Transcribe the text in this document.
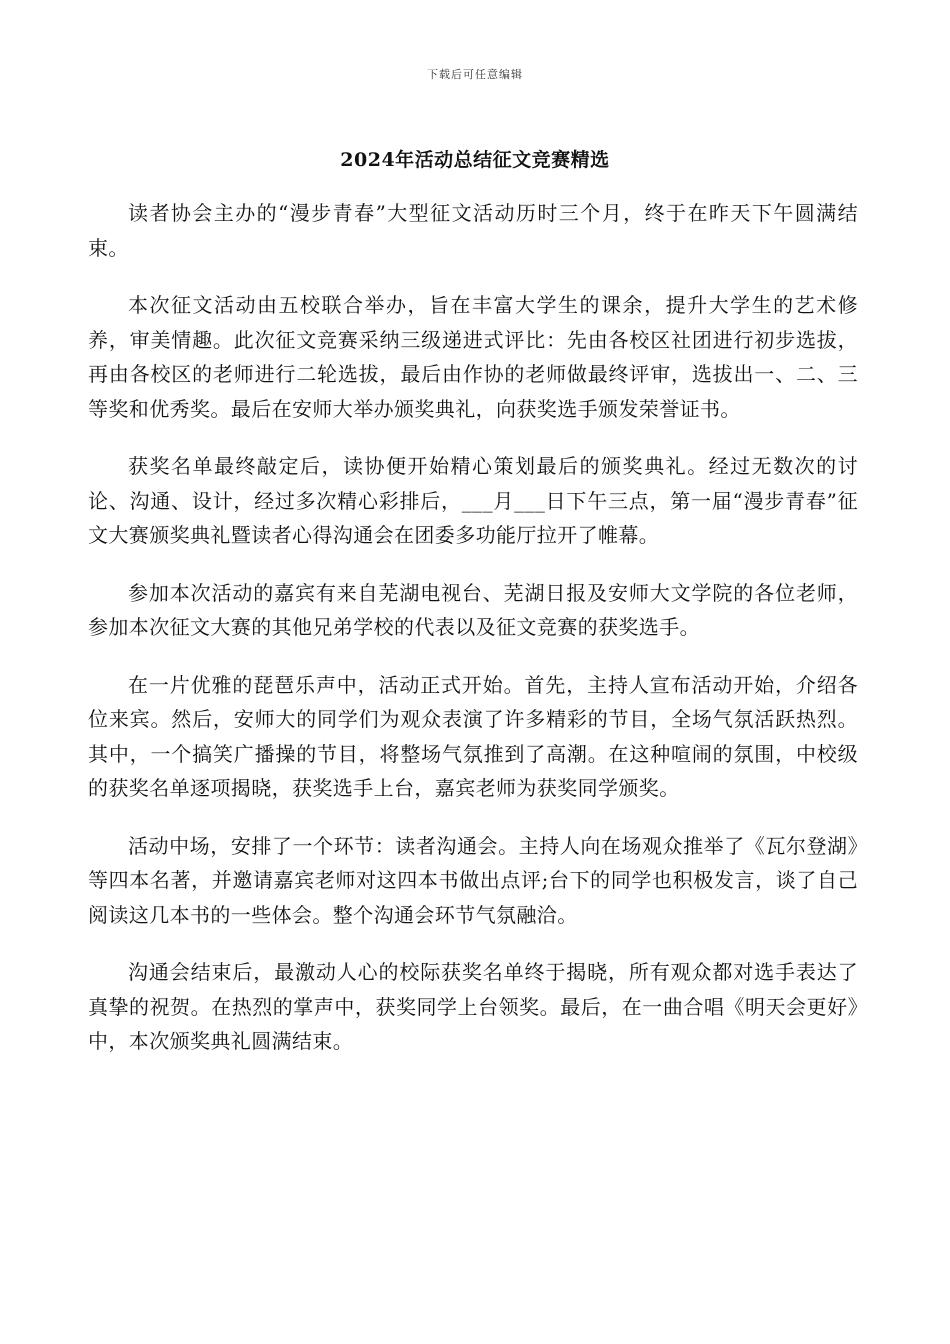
下载后可任意编辑
2024年活动总结征文竞赛精选

读者协会主办的“漫步青春”大型征文活动历时三个月，终于在昨天下午圆满结束。

本次征文活动由五校联合举办，旨在丰富大学生的课余，提升大学生的艺术修养，审美情趣。此次征文竞赛采纳三级递进式评比：先由各校区社团进行初步选拔，再由各校区的老师进行二轮选拔，最后由作协的老师做最终评审，选拔出一、二、三等奖和优秀奖。最后在安师大举办颁奖典礼，向获奖选手颁发荣誉证书。

获奖名单最终敲定后，读协便开始精心策划最后的颁奖典礼。经过无数次的讨论、沟通、设计，经过多次精心彩排后，___月___日下午三点，第一届“漫步青春”征文大赛颁奖典礼暨读者心得沟通会在团委多功能厅拉开了帷幕。

参加本次活动的嘉宾有来自芜湖电视台、芜湖日报及安师大文学院的各位老师，参加本次征文大赛的其他兄弟学校的代表以及征文竞赛的获奖选手。

在一片优雅的琵琶乐声中，活动正式开始。首先，主持人宣布活动开始，介绍各位来宾。然后，安师大的同学们为观众表演了许多精彩的节目，全场气氛活跃热烈。其中，一个搞笑广播操的节目，将整场气氛推到了高潮。在这种喧闹的氛围，中校级的获奖名单逐项揭晓，获奖选手上台，嘉宾老师为获奖同学颁奖。

活动中场，安排了一个环节：读者沟通会。主持人向在场观众推举了《瓦尔登湖》等四本名著，并邀请嘉宾老师对这四本书做出点评;台下的同学也积极发言，谈了自己阅读这几本书的一些体会。整个沟通会环节气氛融洽。

沟通会结束后，最激动人心的校际获奖名单终于揭晓，所有观众都对选手表达了真挚的祝贺。在热烈的掌声中，获奖同学上台领奖。最后，在一曲合唱《明天会更好》中，本次颁奖典礼圆满结束。
